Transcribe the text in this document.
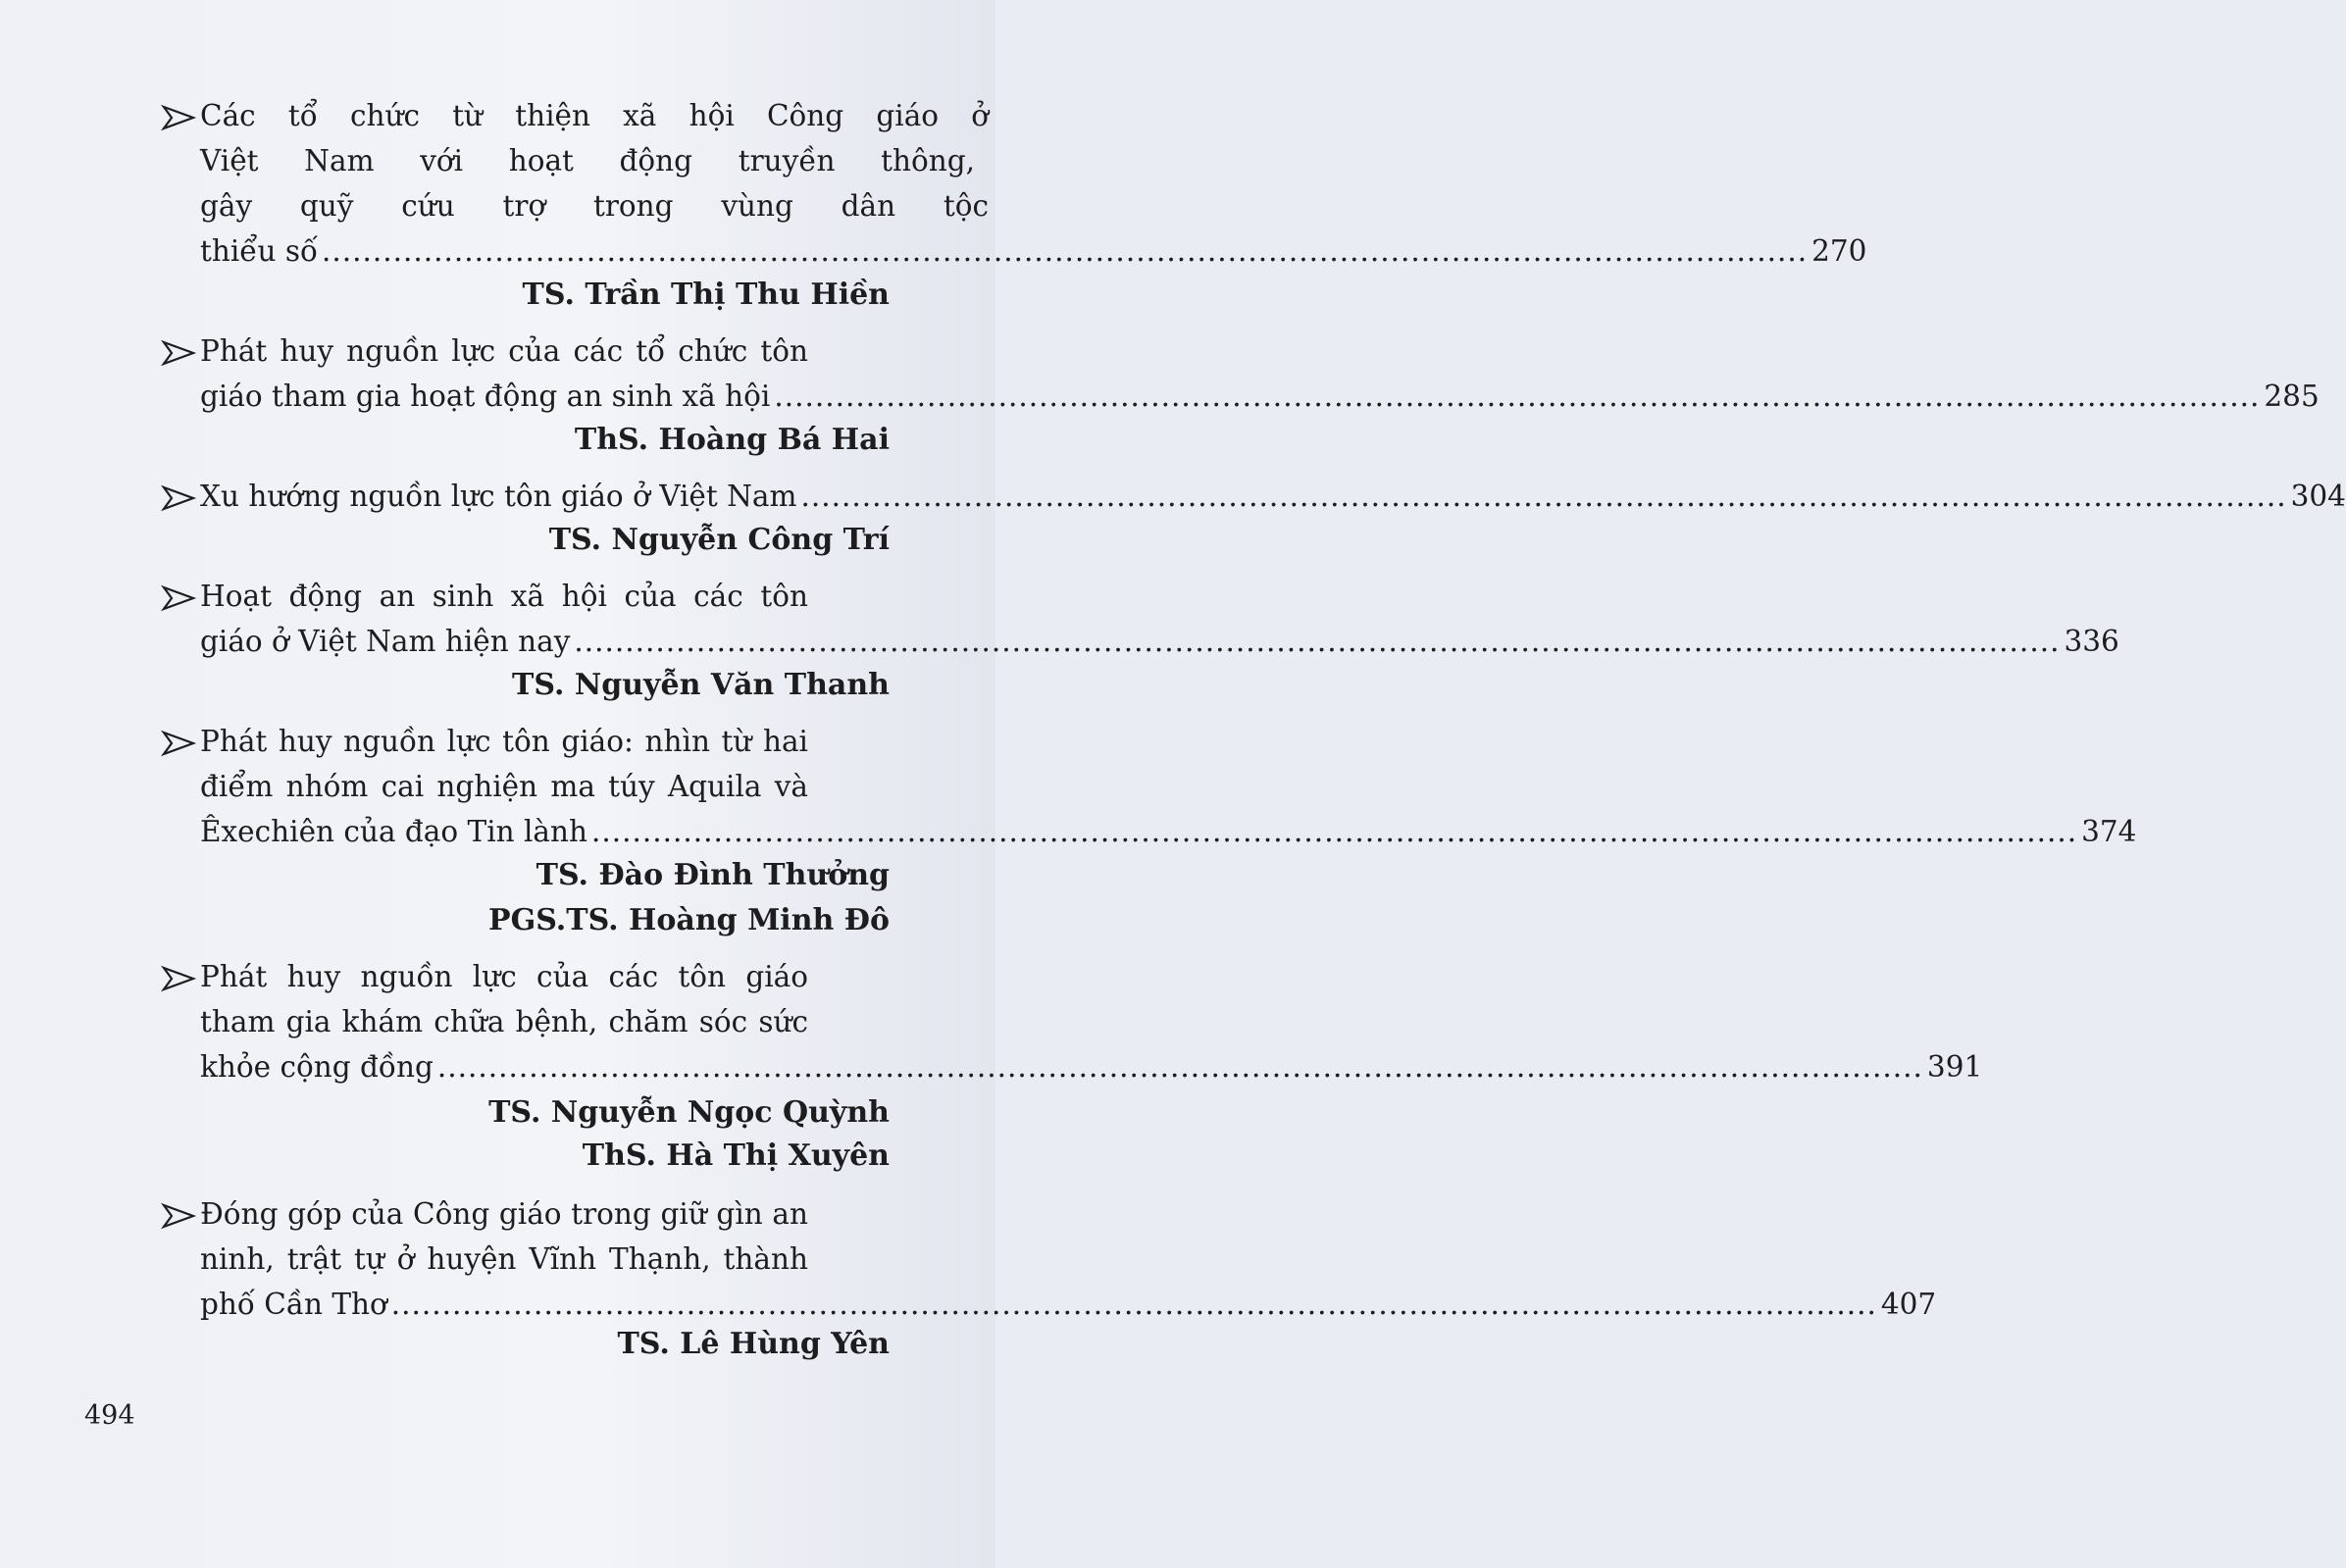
Các tổ chức từ thiện xã hội Công giáo ở
Việt Nam với hoạt động truyền thông,
gây quỹ cứu trợ trong vùng dân tộc
thiểu số .................................................................................................................................................. 270
TS. Trần Thị Thu Hiền
Phát huy nguồn lực của các tổ chức tôn
giáo tham gia hoạt động an sinh xã hội .................................................................................................................................................. 285
ThS. Hoàng Bá Hai
Xu hướng nguồn lực tôn giáo ở Việt Nam .................................................................................................................................................. 304
TS. Nguyễn Công Trí
Hoạt động an sinh xã hội của các tôn
giáo ở Việt Nam hiện nay .................................................................................................................................................. 336
TS. Nguyễn Văn Thanh
Phát huy nguồn lực tôn giáo: nhìn từ hai
điểm nhóm cai nghiện ma túy Aquila và
Êxechiên của đạo Tin lành .................................................................................................................................................. 374
TS. Đào Đình Thưởng
PGS.TS. Hoàng Minh Đô
Phát huy nguồn lực của các tôn giáo
tham gia khám chữa bệnh, chăm sóc sức
khỏe cộng đồng .................................................................................................................................................. 391
TS. Nguyễn Ngọc Quỳnh
ThS. Hà Thị Xuyên
Đóng góp của Công giáo trong giữ gìn an
ninh, trật tự ở huyện Vĩnh Thạnh, thành
phố Cần Thơ .................................................................................................................................................. 407
TS. Lê Hùng Yên
494
